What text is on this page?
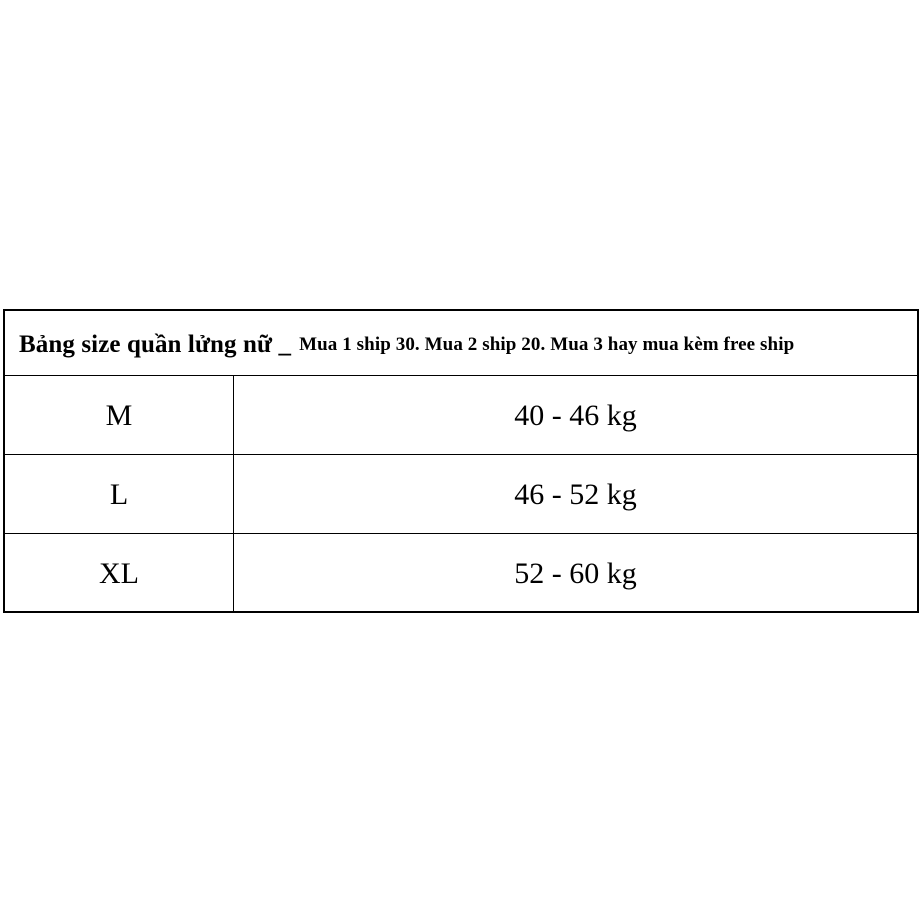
Bảng size quần lửng nữ _ Mua 1 ship 30. Mua 2 ship 20. Mua 3 hay mua kèm free ship
M	40 - 46 kg
L	46 - 52 kg
XL	52 - 60 kg
